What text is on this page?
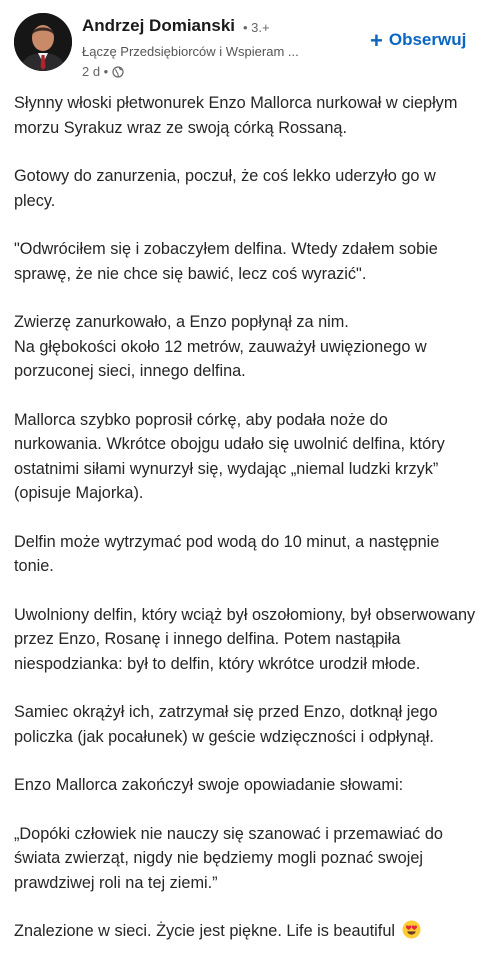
Andrzej Domianski • 3.+
Łączę Przedsiębiorców i Wspieram ...
2 d •
+ Obserwuj

Słynny włoski płetwonurek Enzo Mallorca nurkował w ciepłym morzu Syrakuz wraz ze swoją córką Rossaną.

Gotowy do zanurzenia, poczuł, że coś lekko uderzyło go w plecy.

"Odwróciłem się i zobaczyłem delfina. Wtedy zdałem sobie sprawę, że nie chce się bawić, lecz coś wyrazić".

Zwierzę zanurkowało, a Enzo popłynął za nim.
Na głębokości około 12 metrów, zauważył uwięzionego w porzuconej sieci, innego delfina.

Mallorca szybko poprosił córkę, aby podała noże do nurkowania. Wkrótce obojgu udało się uwolnić delfina, który ostatnimi siłami wynurzył się, wydając „niemal ludzki krzyk” (opisuje Majorka).

Delfin może wytrzymać pod wodą do 10 minut, a następnie tonie.

Uwolniony delfin, który wciąż był oszołomiony, był obserwowany przez Enzo, Rosanę i innego delfina. Potem nastąpiła niespodzianka: był to delfin, który wkrótce urodził młode.

Samiec okrążył ich, zatrzymał się przed Enzo, dotknął jego policzka (jak pocałunek) w geście wdzięczności i odpłynął.

Enzo Mallorca zakończył swoje opowiadanie słowami:

„Dopóki człowiek nie nauczy się szanować i przemawiać do świata zwierząt, nigdy nie będziemy mogli poznać swojej prawdziwej roli na tej ziemi.”

Znalezione w sieci. Życie jest piękne. Life is beautiful
